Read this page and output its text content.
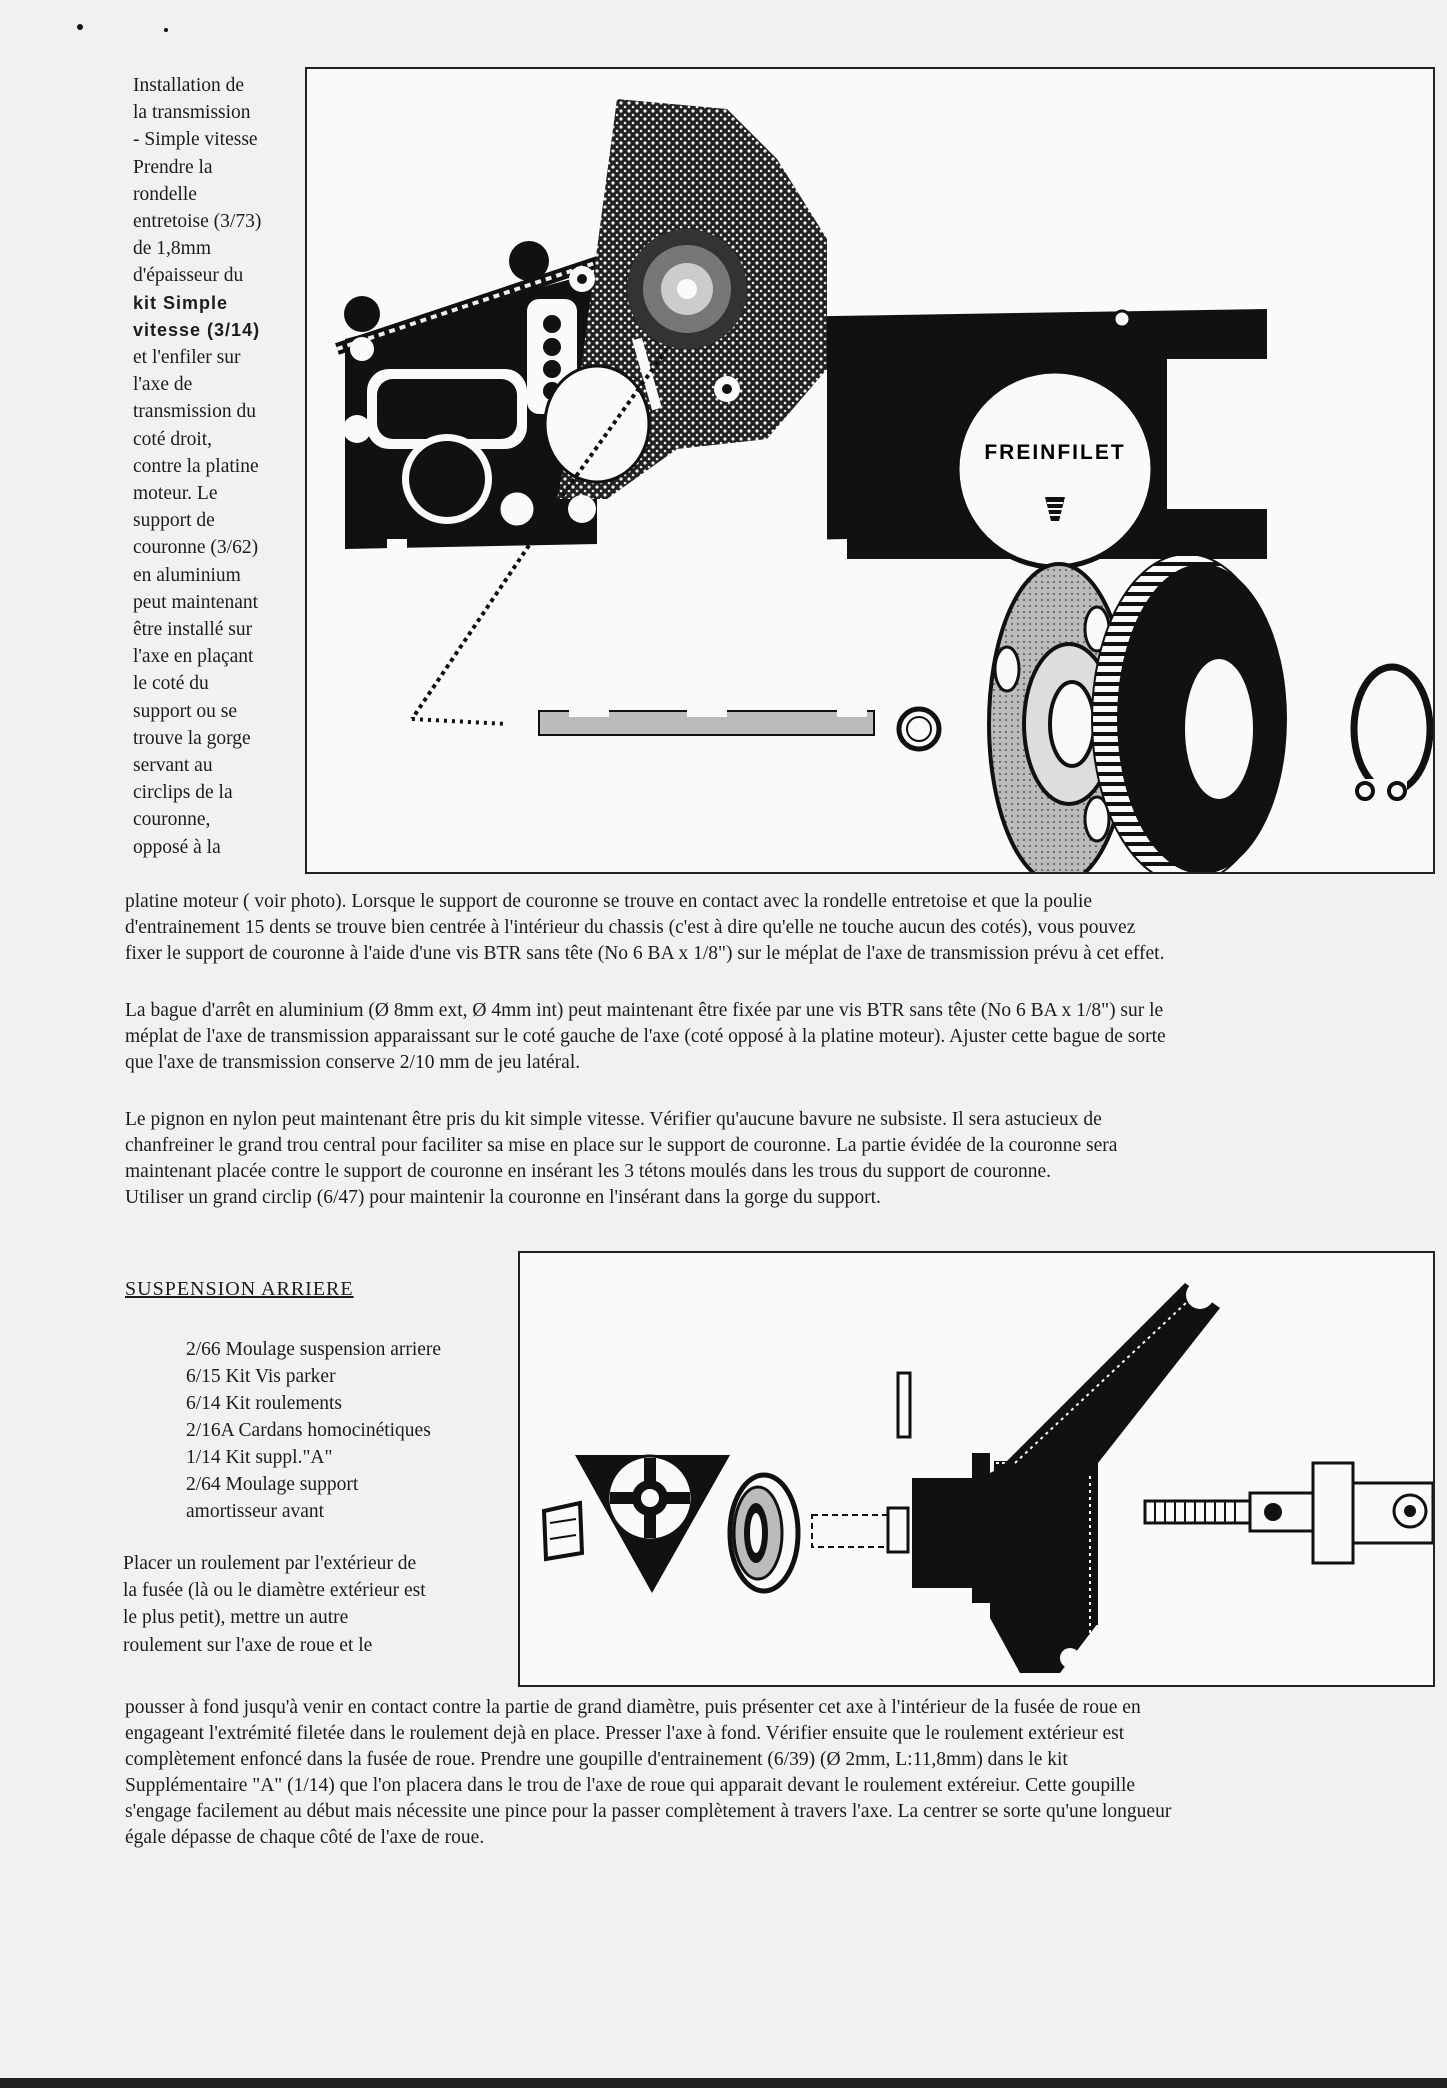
Installation de
la transmission
- Simple vitesse
Prendre la
rondelle
entretoise (3/73)
de 1,8mm
d'épaisseur du
kit Simple
vitesse (3/14)
et l'enfiler sur
l'axe de
transmission du
coté droit,
contre la platine
moteur. Le
support de
couronne (3/62)
en aluminium
peut maintenant
être installé sur
l'axe en plaçant
le coté du
support ou se
trouve la gorge
servant au
circlips de la
couronne,
opposé à la
FREINFILET
platine moteur ( voir photo). Lorsque le support de couronne se trouve en contact avec la rondelle entretoise et que la poulie
d'entrainement 15 dents se trouve bien centrée à l'intérieur du chassis (c'est à dire qu'elle ne touche aucun des cotés), vous pouvez
fixer le support de couronne à l'aide d'une vis BTR sans tête (No 6 BA x 1/8") sur le méplat de l'axe de transmission prévu à cet effet.
La bague d'arrêt en aluminium (Ø 8mm ext, Ø 4mm int) peut maintenant être fixée par une vis BTR sans tête (No 6 BA x 1/8") sur le
méplat de l'axe de transmission apparaissant sur le coté gauche de l'axe (coté opposé à la platine moteur). Ajuster cette bague de sorte
que l'axe de transmission conserve 2/10 mm de jeu latéral.
Le pignon en nylon peut maintenant être pris du kit simple vitesse. Vérifier qu'aucune bavure ne subsiste. Il sera astucieux de
chanfreiner le grand trou central pour faciliter sa mise en place sur le support de couronne. La partie évidée de la couronne sera
maintenant placée contre le support de couronne en insérant les 3 tétons moulés dans les trous du support de couronne.
Utiliser un grand circlip (6/47) pour maintenir la couronne en l'insérant dans la gorge du support.
SUSPENSION ARRIERE
2/66 Moulage suspension arriere
6/15 Kit Vis parker
6/14 Kit roulements
2/16A Cardans homocinétiques
1/14 Kit suppl."A"
2/64 Moulage support
amortisseur avant
Placer un roulement par l'extérieur de
la fusée (là ou le diamètre extérieur est
le plus petit), mettre un autre
roulement sur l'axe de roue et le
pousser à fond jusqu'à venir en contact contre la partie de grand diamètre, puis présenter cet axe à l'intérieur de la fusée de roue en
engageant l'extrémité filetée dans le roulement dejà en place. Presser l'axe à fond. Vérifier ensuite que le roulement extérieur est
complètement enfoncé dans la fusée de roue. Prendre une goupille d'entrainement (6/39) (Ø 2mm, L:11,8mm) dans le kit
Supplémentaire "A" (1/14) que l'on placera dans le trou de l'axe de roue qui apparait devant le roulement extéreiur. Cette goupille
s'engage facilement au début mais nécessite une pince pour la passer complètement à travers l'axe. La centrer se sorte qu'une longueur
égale dépasse de chaque côté de l'axe de roue.
